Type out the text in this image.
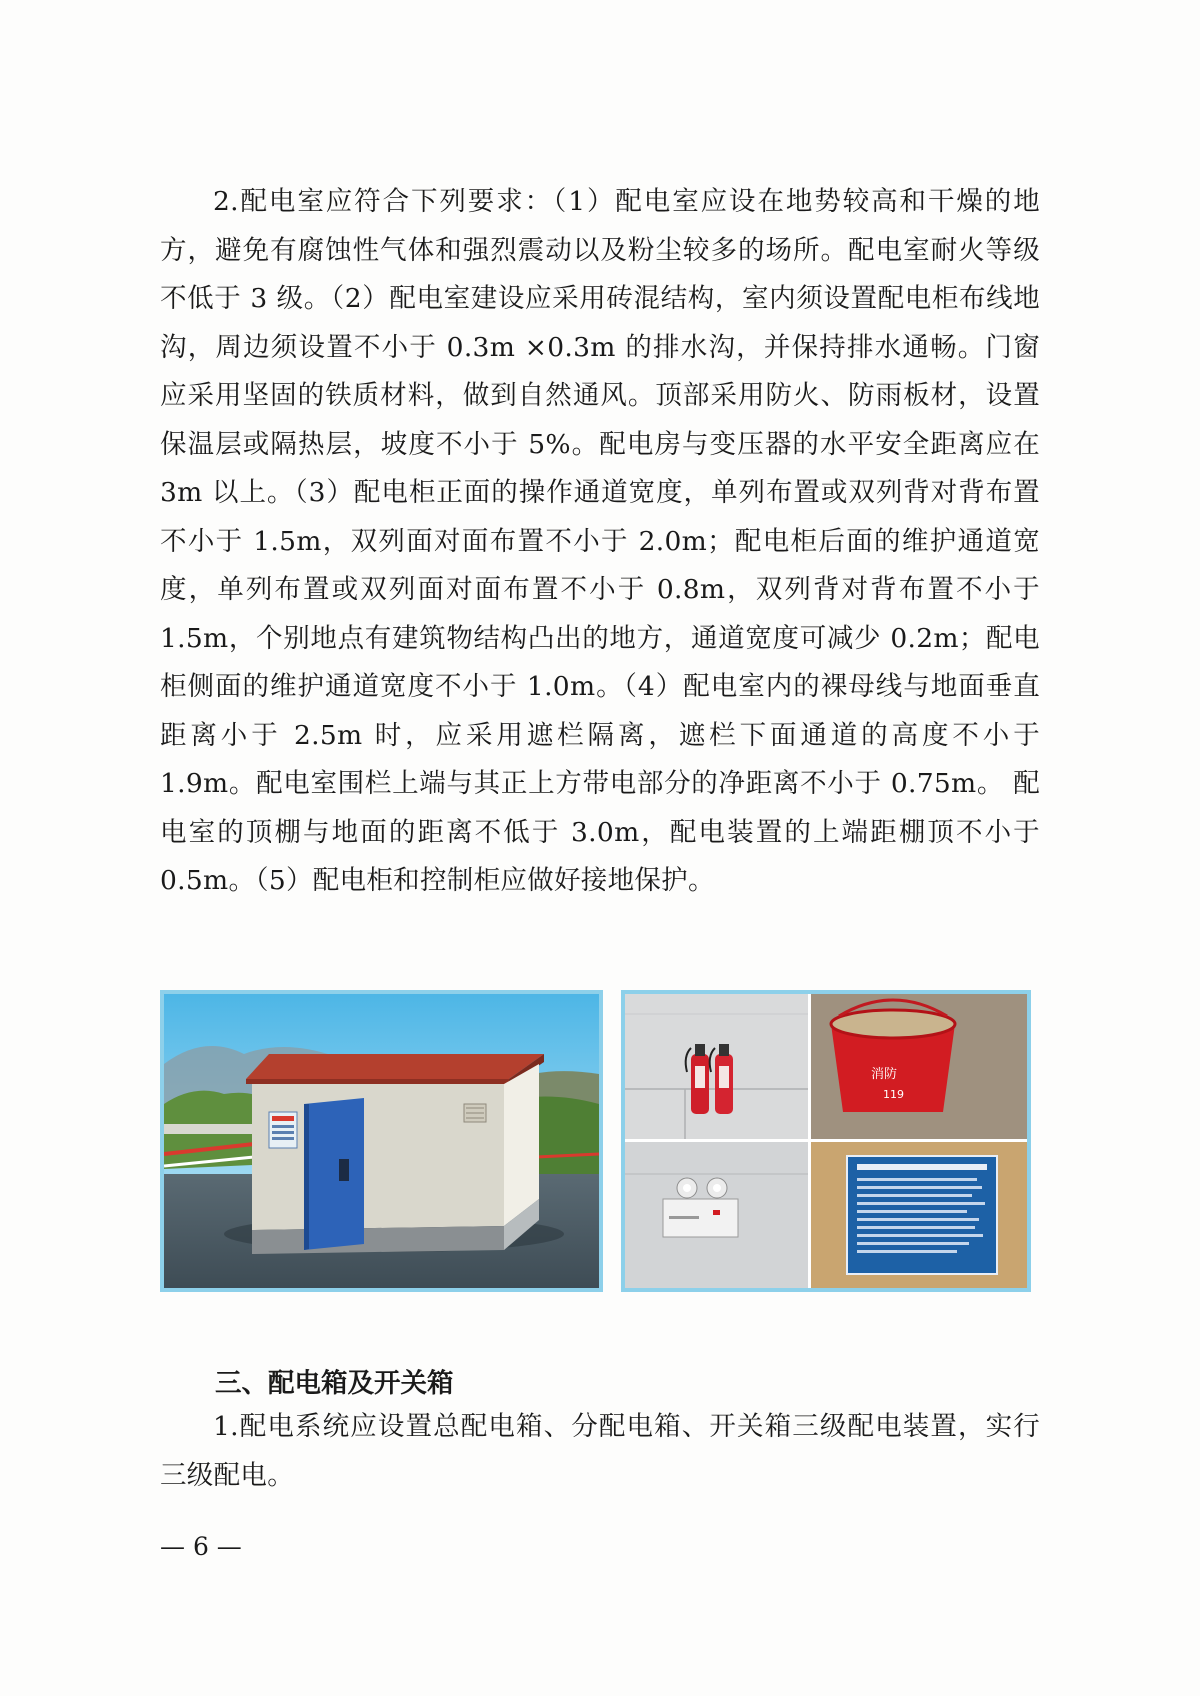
2.配电室应符合下列要求：（1）配电室应设在地势较高和干燥的地方，避免有腐蚀性气体和强烈震动以及粉尘较多的场所。配电室耐火等级不低于 3 级。（2）配电室建设应采用砖混结构，室内须设置配电柜布线地沟，周边须设置不小于 0.3m ×0.3m 的排水沟，并保持排水通畅。门窗应采用坚固的铁质材料，做到自然通风。顶部采用防火、防雨板材，设置保温层或隔热层，坡度不小于 5%。配电房与变压器的水平安全距离应在 3m 以上。（3）配电柜正面的操作通道宽度，单列布置或双列背对背布置不小于 1.5m，双列面对面布置不小于 2.0m；配电柜后面的维护通道宽度，单列布置或双列面对面布置不小于 0.8m，双列背对背布置不小于 1.5m，个别地点有建筑物结构凸出的地方，通道宽度可减少 0.2m；配电柜侧面的维护通道宽度不小于 1.0m。（4）配电室内的裸母线与地面垂直距离小于 2.5m 时，应采用遮栏隔离，遮栏下面通道的高度不小于 1.9m。配电室围栏上端与其正上方带电部分的净距离不小于 0.75m。 配电室的顶棚与地面的距离不低于 3.0m，配电装置的上端距棚顶不小于 0.5m。（5）配电柜和控制柜应做好接地保护。

消防
119
三、配电箱及开关箱

1.配电系统应设置总配电箱、分配电箱、开关箱三级配电装置，实行三级配电。

— 6 —
